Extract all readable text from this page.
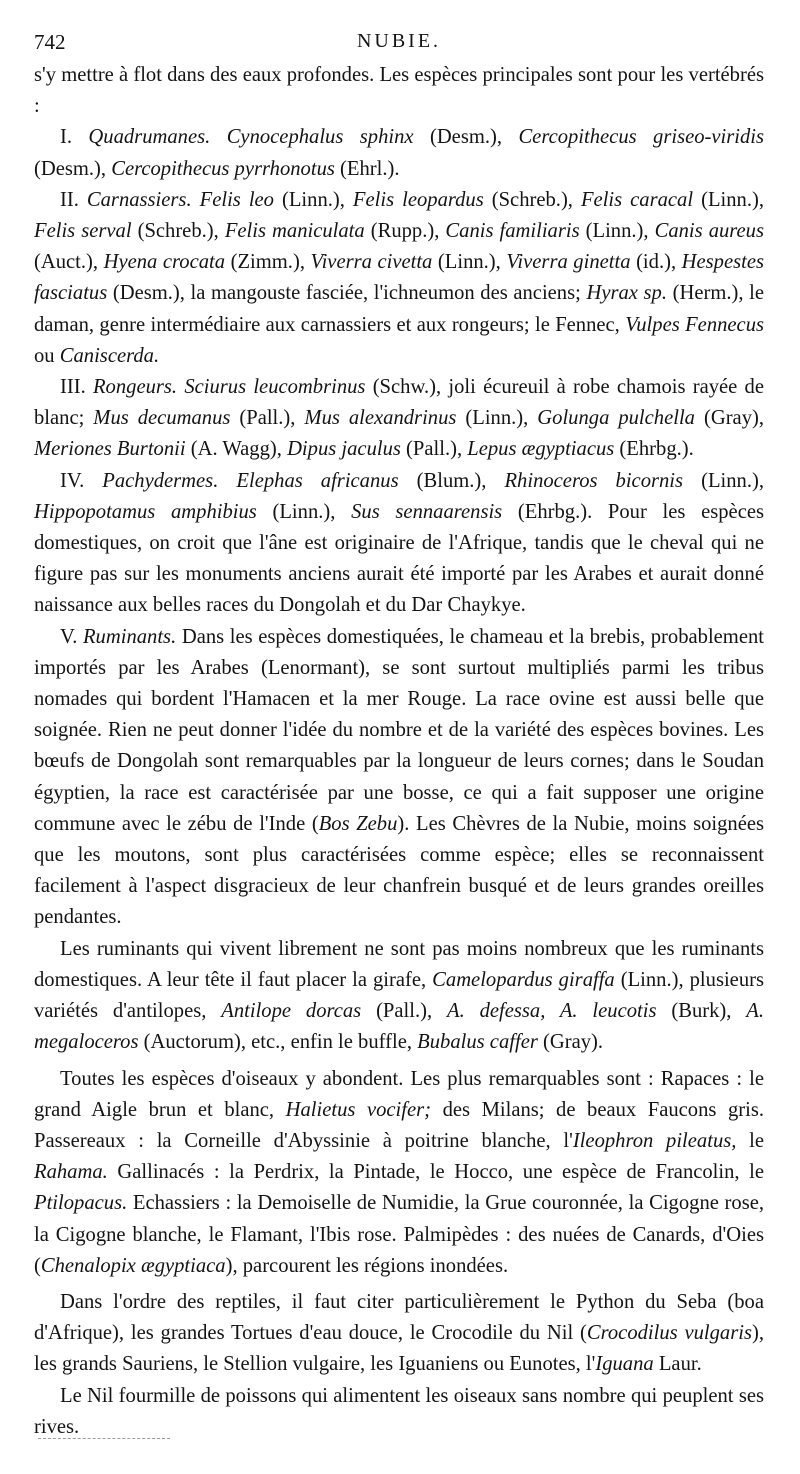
742	NUBIE.

s'y mettre à flot dans des eaux profondes. Les espèces principales sont pour les vertébrés :

I. Quadrumanes. Cynocephalus sphinx (Desm.), Cercopithecus griseo-viridis (Desm.), Cercopithecus pyrrhonotus (Ehrl.).

II. Carnassiers. Felis leo (Linn.), Felis leopardus (Schreb.), Felis caracal (Linn.), Felis serval (Schreb.), Felis maniculata (Rupp.), Canis familiaris (Linn.), Canis aureus (Auct.), Hyena crocata (Zimm.), Viverra civetta (Linn.), Viverra ginetta (id.), Hespestes fasciatus (Desm.), la mangouste fasciée, l'ichneumon des anciens; Hyrax sp. (Herm.), le daman, genre intermédiaire aux carnassiers et aux rongeurs; le Fennec, Vulpes Fennecus ou Caniscerda.

III. Rongeurs. Sciurus leucombrinus (Schw.), joli écureuil à robe chamois rayée de blanc; Mus decumanus (Pall.), Mus alexandrinus (Linn.), Golunga pulchella (Gray), Meriones Burtonii (A. Wagg), Dipus jaculus (Pall.), Lepus ægyptiacus (Ehrbg.).

IV. Pachydermes. Elephas africanus (Blum.), Rhinoceros bicornis (Linn.), Hippopotamus amphibius (Linn.), Sus sennaarensis (Ehrbg.). Pour les espèces domestiques, on croit que l'âne est originaire de l'Afrique, tandis que le cheval qui ne figure pas sur les monuments anciens aurait été importé par les Arabes et aurait donné naissance aux belles races du Dongolah et du Dar Chaykye.

V. Ruminants. Dans les espèces domestiquées, le chameau et la brebis, probablement importés par les Arabes (Lenormant), se sont surtout multipliés parmi les tribus nomades qui bordent l'Hamacen et la mer Rouge. La race ovine est aussi belle que soignée. Rien ne peut donner l'idée du nombre et de la variété des espèces bovines. Les bœufs de Dongolah sont remarquables par la longueur de leurs cornes; dans le Soudan égyptien, la race est caractérisée par une bosse, ce qui a fait supposer une origine commune avec le zébu de l'Inde (Bos Zebu). Les Chèvres de la Nubie, moins soignées que les moutons, sont plus caractérisées comme espèce; elles se reconnaissent facilement à l'aspect disgracieux de leur chanfrein busqué et de leurs grandes oreilles pendantes.

Les ruminants qui vivent librement ne sont pas moins nombreux que les ruminants domestiques. A leur tête il faut placer la girafe, Camelopardus giraffa (Linn.), plusieurs variétés d'antilopes, Antilope dorcas (Pall.), A. defessa, A. leucotis (Burk), A. megaloceros (Auctorum), etc., enfin le buffle, Bubalus caffer (Gray).

Toutes les espèces d'oiseaux y abondent. Les plus remarquables sont : Rapaces : le grand Aigle brun et blanc, Halietus vocifer; des Milans; de beaux Faucons gris. Passereaux : la Corneille d'Abyssinie à poitrine blanche, l'Ileophron pileatus, le Rahama. Gallinacés : la Perdrix, la Pintade, le Hocco, une espèce de Francolin, le Ptilopacus. Echassiers : la Demoiselle de Numidie, la Grue couronnée, la Cigogne rose, la Cigogne blanche, le Flamant, l'Ibis rose. Palmipèdes : des nuées de Canards, d'Oies (Chenalopix ægyptiaca), parcourent les régions inondées.

Dans l'ordre des reptiles, il faut citer particulièrement le Python du Seba (boa d'Afrique), les grandes Tortues d'eau douce, le Crocodile du Nil (Crocodilus vulgaris), les grands Sauriens, le Stellion vulgaire, les Iguaniens ou Eunotes, l'Iguana Laur.

Le Nil fourmille de poissons qui alimentent les oiseaux sans nombre qui peuplent ses rives.
